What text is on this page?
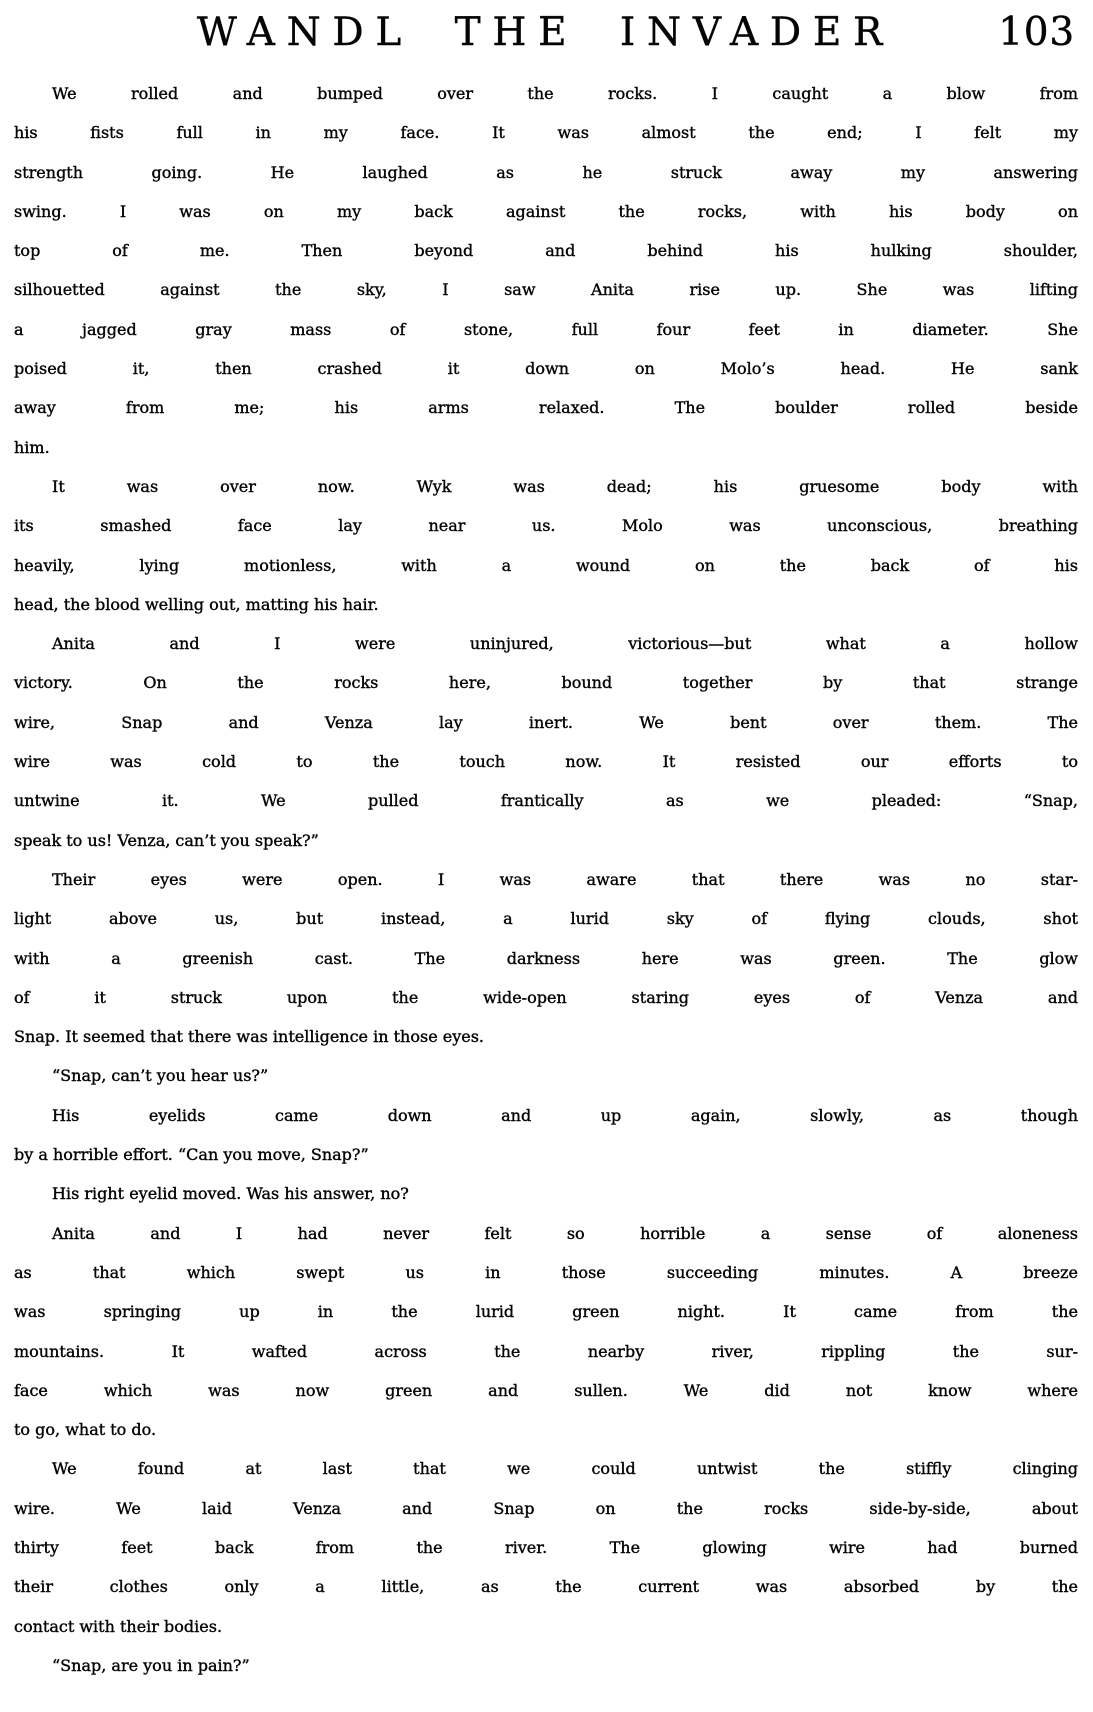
WANDL THE INVADER	103
We rolled and bumped over the rocks. I caught a blow from
his fists full in my face. It was almost the end; I felt my
strength going. He laughed as he struck away my answering
swing. I was on my back against the rocks, with his body on
top of me. Then beyond and behind his hulking shoulder,
silhouetted against the sky, I saw Anita rise up. She was lifting
a jagged gray mass of stone, full four feet in diameter. She
poised it, then crashed it down on Molo’s head. He sank
away from me; his arms relaxed. The boulder rolled beside
him.
It was over now. Wyk was dead; his gruesome body with
its smashed face lay near us. Molo was unconscious, breathing
heavily, lying motionless, with a wound on the back of his
head, the blood welling out, matting his hair.
Anita and I were uninjured, victorious—but what a hollow
victory. On the rocks here, bound together by that strange
wire, Snap and Venza lay inert. We bent over them. The
wire was cold to the touch now. It resisted our efforts to
untwine it. We pulled frantically as we pleaded: “Snap,
speak to us! Venza, can’t you speak?”
Their eyes were open. I was aware that there was no star-
light above us, but instead, a lurid sky of flying clouds, shot
with a greenish cast. The darkness here was green. The glow
of it struck upon the wide-open staring eyes of Venza and
Snap. It seemed that there was intelligence in those eyes.
“Snap, can’t you hear us?”
His eyelids came down and up again, slowly, as though
by a horrible effort. “Can you move, Snap?”
His right eyelid moved. Was his answer, no?
Anita and I had never felt so horrible a sense of aloneness
as that which swept us in those succeeding minutes. A breeze
was springing up in the lurid green night. It came from the
mountains. It wafted across the nearby river, rippling the sur-
face which was now green and sullen. We did not know where
to go, what to do.
We found at last that we could untwist the stiffly clinging
wire. We laid Venza and Snap on the rocks side-by-side, about
thirty feet back from the river. The glowing wire had burned
their clothes only a little, as the current was absorbed by the
contact with their bodies.
“Snap, are you in pain?”
